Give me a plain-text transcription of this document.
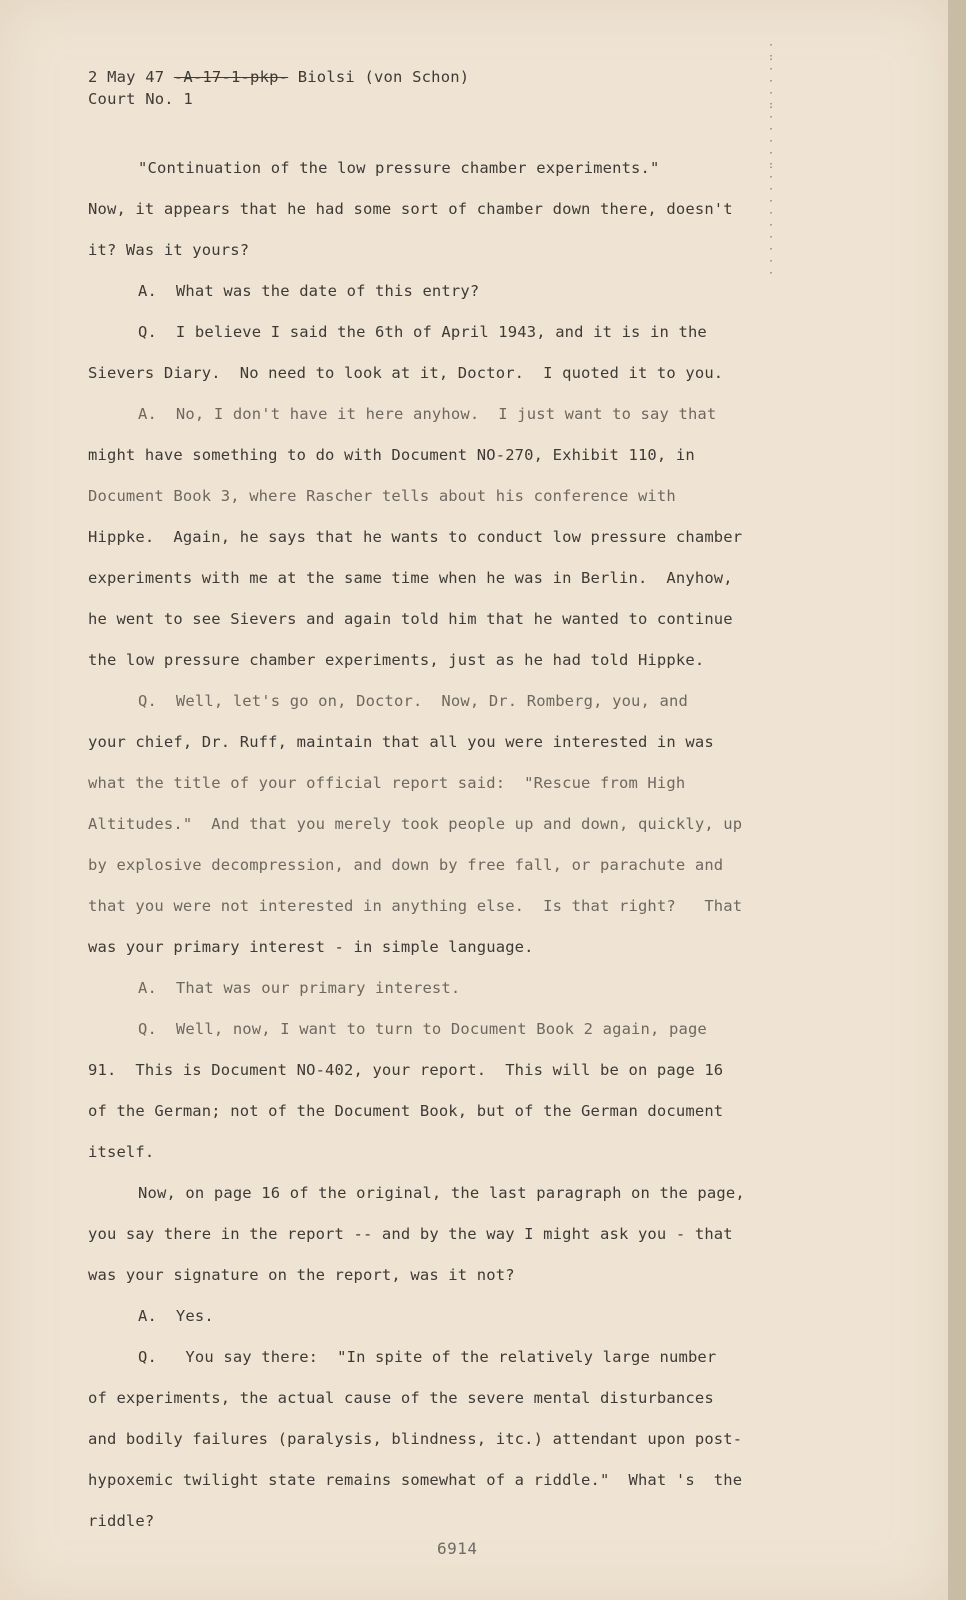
2 May 47 -A-17-1-pkp- Biolsi (von Schon)
Court No. 1
·
:
·
·
·
:
·
·
·
·
:
·
·
·
·
·
·
·
·
·
"Continuation of the low pressure chamber experiments."
Now, it appears that he had some sort of chamber down there, doesn't
it? Was it yours?
A.  What was the date of this entry?
Q.  I believe I said the 6th of April 1943, and it is in the
Sievers Diary.  No need to look at it, Doctor.  I quoted it to you.
A.  No, I don't have it here anyhow.  I just want to say that
might have something to do with Document NO-270, Exhibit 110, in
Document Book 3, where Rascher tells about his conference with
Hippke.  Again, he says that he wants to conduct low pressure chamber
experiments with me at the same time when he was in Berlin.  Anyhow,
he went to see Sievers and again told him that he wanted to continue
the low pressure chamber experiments, just as he had told Hippke.
Q.  Well, let's go on, Doctor.  Now, Dr. Romberg, you, and
your chief, Dr. Ruff, maintain that all you were interested in was
what the title of your official report said:  "Rescue from High
Altitudes."  And that you merely took people up and down, quickly, up
by explosive decompression, and down by free fall, or parachute and
that you were not interested in anything else.  Is that right?   That
was your primary interest - in simple language.
A.  That was our primary interest.
Q.  Well, now, I want to turn to Document Book 2 again, page
91.  This is Document NO-402, your report.  This will be on page 16
of the German; not of the Document Book, but of the German document
itself.
Now, on page 16 of the original, the last paragraph on the page,
you say there in the report -- and by the way I might ask you - that
was your signature on the report, was it not?
A.  Yes.
Q.   You say there:  "In spite of the relatively large number
of experiments, the actual cause of the severe mental disturbances
and bodily failures (paralysis, blindness, itc.) attendant upon post-
hypoxemic twilight state remains somewhat of a riddle."  What 's  the
riddle?
6914
